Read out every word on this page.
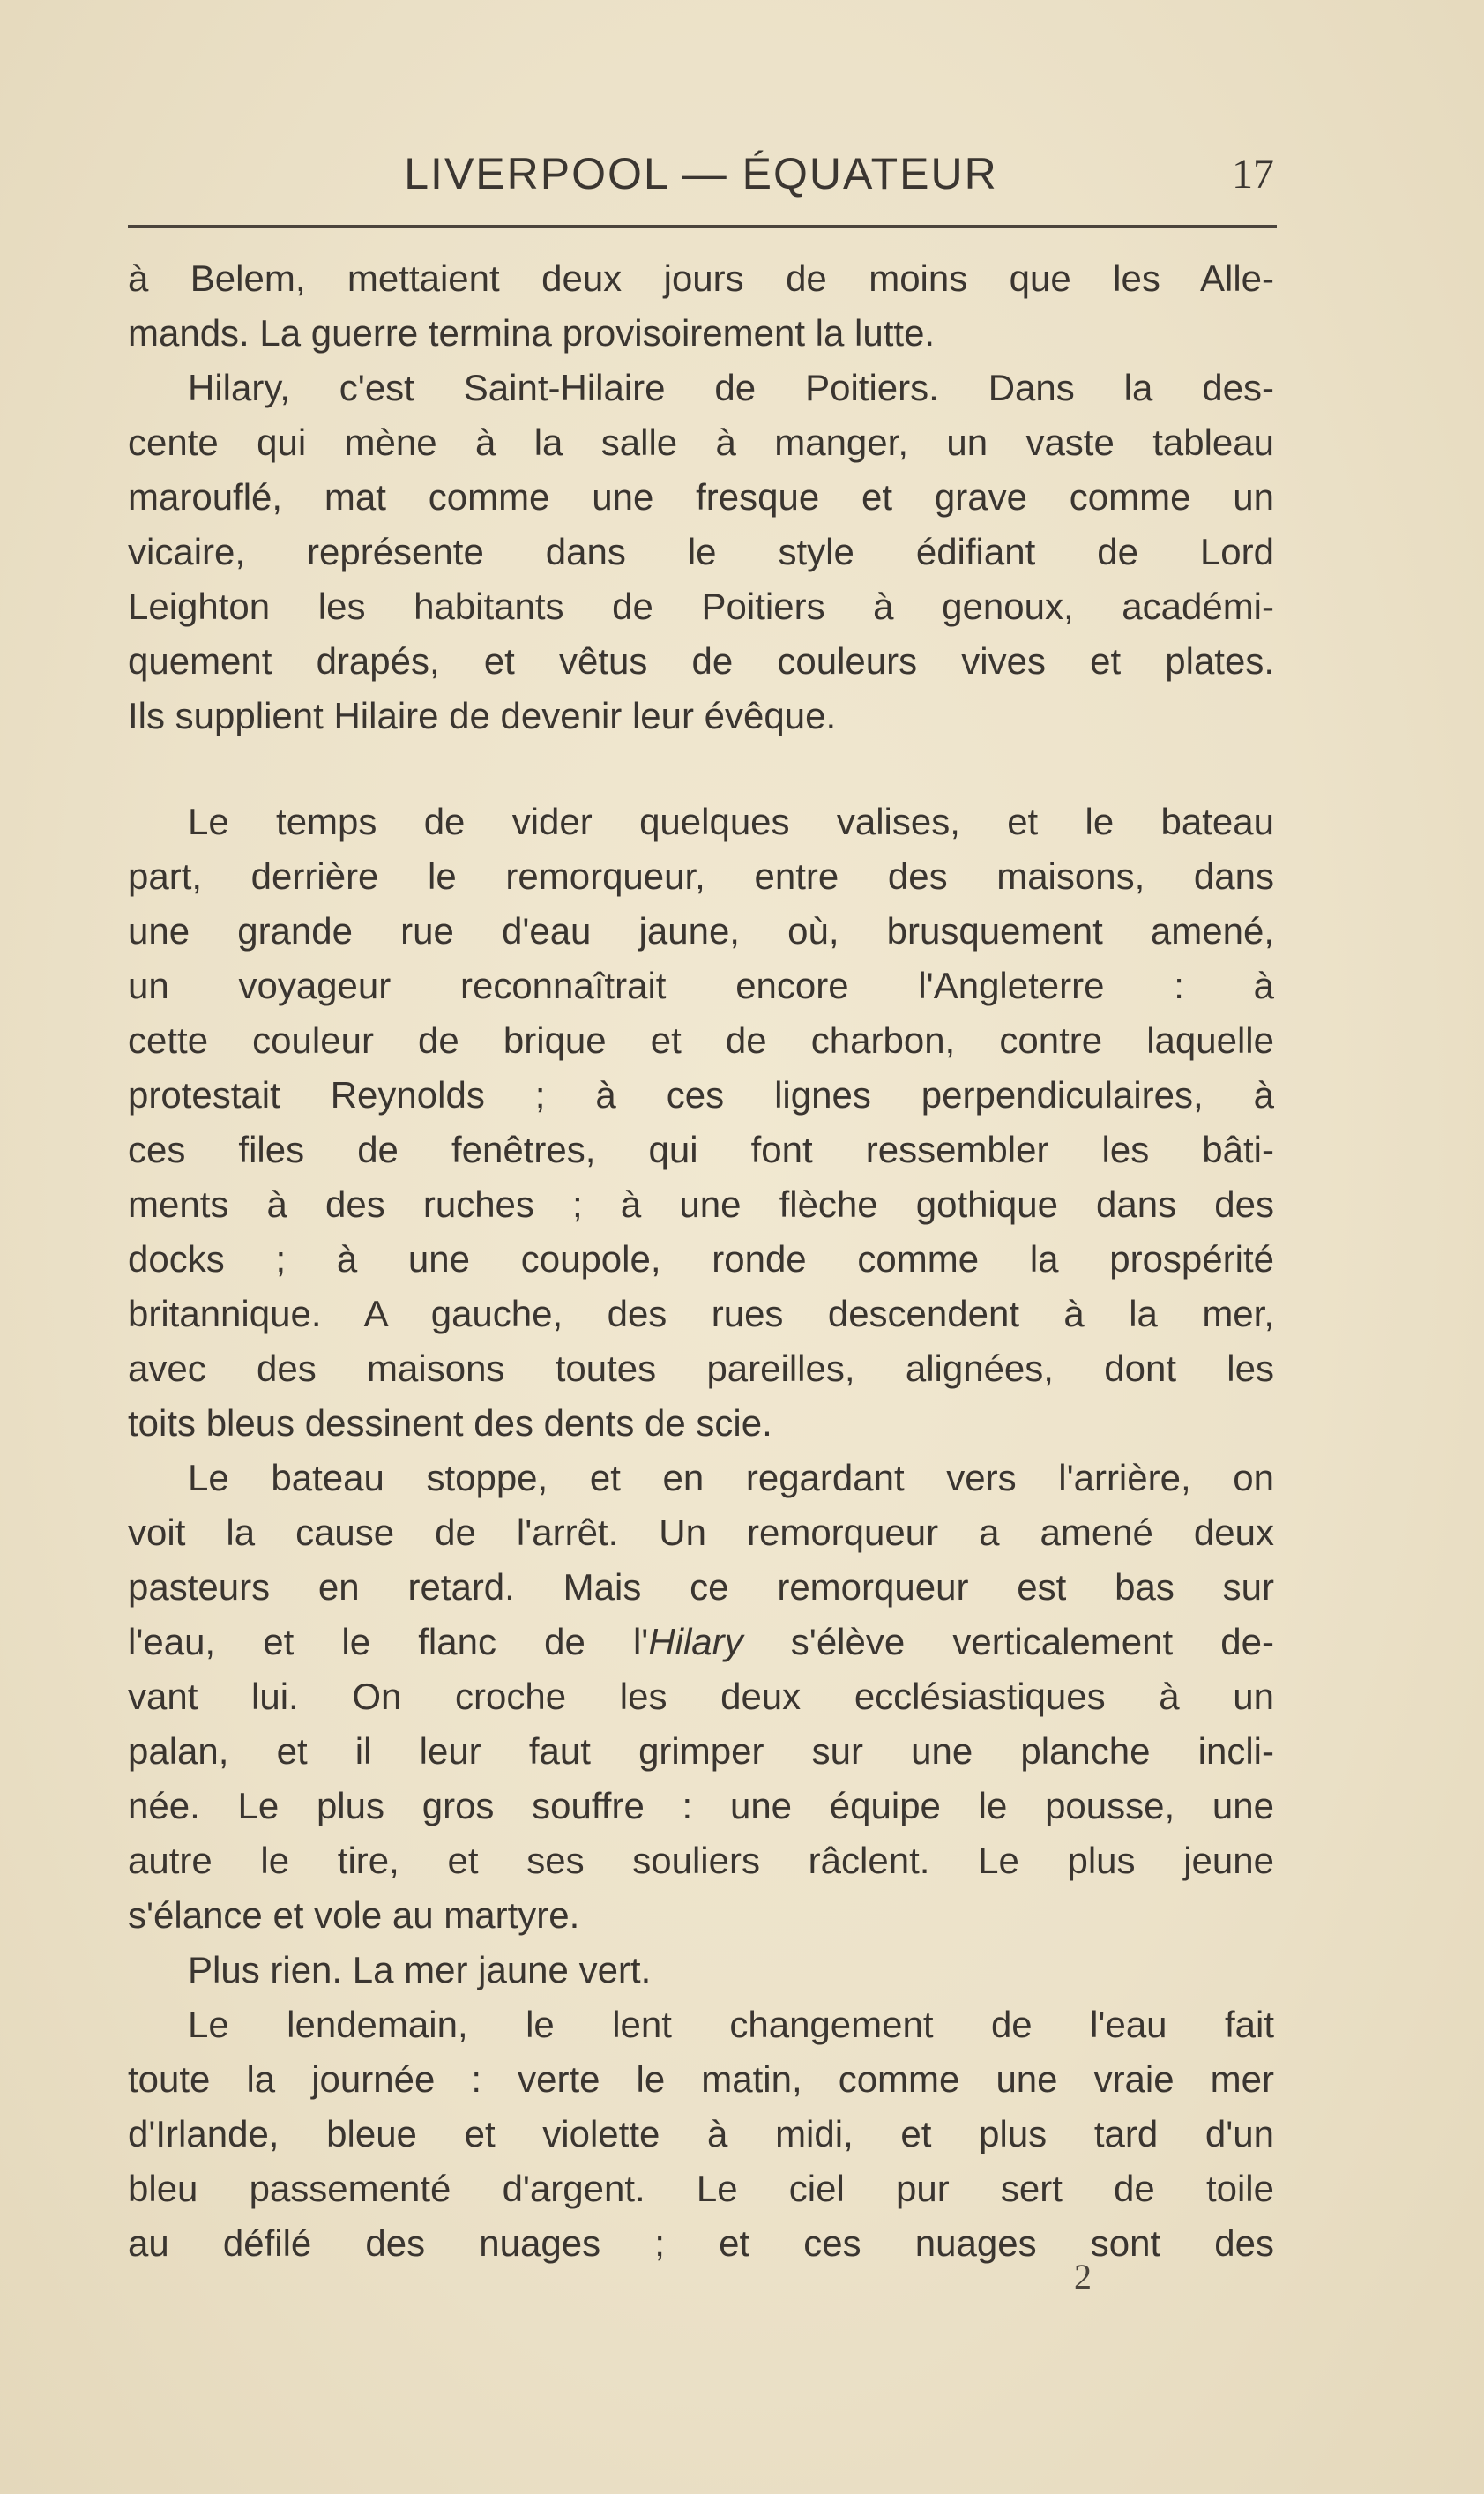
LIVERPOOL — ÉQUATEUR	17
à Belem, mettaient deux jours de moins que les Alle-
mands. La guerre termina provisoirement la lutte.
Hilary, c'est Saint-Hilaire de Poitiers. Dans la des-
cente qui mène à la salle à manger, un vaste tableau
marouflé, mat comme une fresque et grave comme un
vicaire, représente dans le style édifiant de Lord
Leighton les habitants de Poitiers à genoux, académi-
quement drapés, et vêtus de couleurs vives et plates.
Ils supplient Hilaire de devenir leur évêque.
Le temps de vider quelques valises, et le bateau
part, derrière le remorqueur, entre des maisons, dans
une grande rue d'eau jaune, où, brusquement amené,
un voyageur reconnaîtrait encore l'Angleterre : à
cette couleur de brique et de charbon, contre laquelle
protestait Reynolds ; à ces lignes perpendiculaires, à
ces files de fenêtres, qui font ressembler les bâti-
ments à des ruches ; à une flèche gothique dans des
docks ; à une coupole, ronde comme la prospérité
britannique. A gauche, des rues descendent à la mer,
avec des maisons toutes pareilles, alignées, dont les
toits bleus dessinent des dents de scie.
Le bateau stoppe, et en regardant vers l'arrière, on
voit la cause de l'arrêt. Un remorqueur a amené deux
pasteurs en retard. Mais ce remorqueur est bas sur
l'eau, et le flanc de l'Hilary s'élève verticalement de-
vant lui. On croche les deux ecclésiastiques à un
palan, et il leur faut grimper sur une planche incli-
née. Le plus gros souffre : une équipe le pousse, une
autre le tire, et ses souliers râclent. Le plus jeune
s'élance et vole au martyre.
Plus rien. La mer jaune vert.
Le lendemain, le lent changement de l'eau fait
toute la journée : verte le matin, comme une vraie mer
d'Irlande, bleue et violette à midi, et plus tard d'un
bleu passementé d'argent. Le ciel pur sert de toile
au défilé des nuages ; et ces nuages sont des
2
